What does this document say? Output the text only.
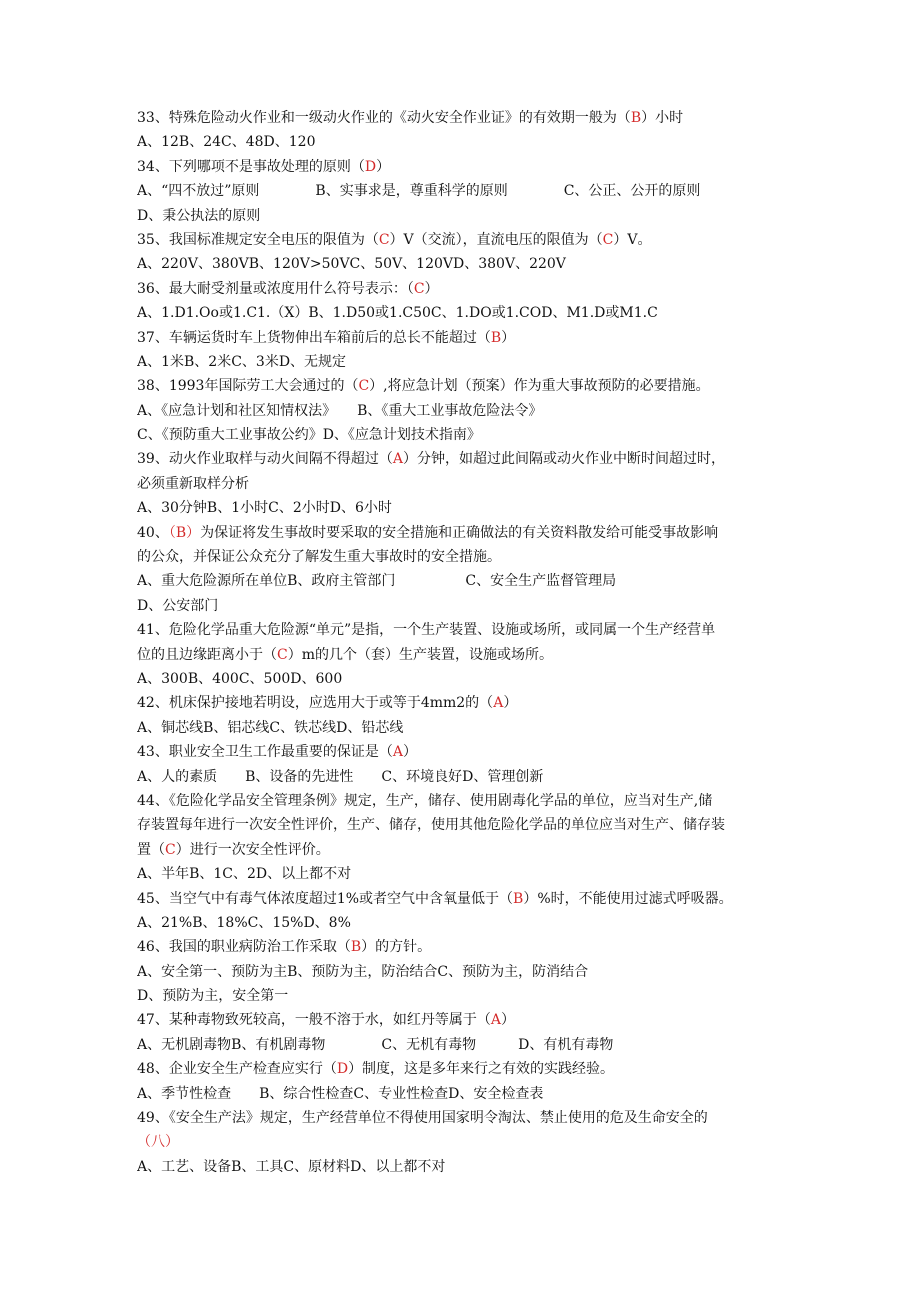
33、特殊危险动火作业和一级动火作业的《动火安全作业证》的有效期一般为（B）小时
A、12B、24C、48D、120
34、下列哪项不是事故处理的原则（D）
A、“四不放过”原则　　　　B、实事求是，尊重科学的原则　　　　C、公正、公开的原则
D、秉公执法的原则
35、我国标准规定安全电压的限值为（C）V（交流），直流电压的限值为（C）V。
A、220V、380VB、120V>50VC、50V、120VD、380V、220V
36、最大耐受剂量或浓度用什么符号表示：（C）
A、1.D1.Oo或1.C1.（X）B、1.D50或1.C50C、1.DO或1.COD、M1.D或M1.C
37、车辆运货时车上货物伸出车箱前后的总长不能超过（B）
A、1米B、2米C、3米D、无规定
38、1993年国际劳工大会通过的（C）,将应急计划（预案）作为重大事故预防的必要措施。
A、《应急计划和社区知情权法》　　B、《重大工业事故危险法令》
C、《预防重大工业事故公约》D、《应急计划技术指南》
39、动火作业取样与动火间隔不得超过（A）分钟，如超过此间隔或动火作业中断时间超过时，
必须重新取样分析
A、30分钟B、1小时C、2小时D、6小时
40、（B）为保证将发生事故时要采取的安全措施和正确做法的有关资料散发给可能受事故影响
的公众，并保证公众充分了解发生重大事故时的安全措施。
A、重大危险源所在单位B、政府主管部门　　　　　C、安全生产监督管理局
D、公安部门
41、危险化学品重大危险源“单元”是指，一个生产装置、设施或场所，或同属一个生产经营单
位的且边缘距离小于（C）m的几个（套）生产装置，设施或场所。
A、300B、400C、500D、600
42、机床保护接地若明设，应选用大于或等于4mm2的（A）
A、铜芯线B、铝芯线C、铁芯线D、铅芯线
43、职业安全卫生工作最重要的保证是（A）
A、人的素质　　B、设备的先进性　　C、环境良好D、管理创新
44、《危险化学品安全管理条例》规定，生产，储存、使用剧毒化学品的单位，应当对生产,储
存装置每年进行一次安全性评价，生产、储存，使用其他危险化学品的单位应当对生产、储存装
置（C）进行一次安全性评价。
A、半年B、1C、2D、以上都不对
45、当空气中有毒气体浓度超过1%或者空气中含氧量低于（B）%时，不能使用过滤式呼吸器。
A、21%B、18%C、15%D、8%
46、我国的职业病防治工作采取（B）的方针。
A、安全第一、预防为主B、预防为主，防治结合C、预防为主，防消结合
D、预防为主，安全第一
47、某种毒物致死较高，一般不溶于水，如红丹等属于（A）
A、无机剧毒物B、有机剧毒物　　　　C、无机有毒物　　　D、有机有毒物
48、企业安全生产检查应实行（D）制度，这是多年来行之有效的实践经验。
A、季节性检查　　B、综合性检查C、专业性检查D、安全检查表
49、《安全生产法》规定，生产经营单位不得使用国家明令淘汰、禁止使用的危及生命安全的
（八）
A、工艺、设备B、工具C、原材料D、以上都不对
